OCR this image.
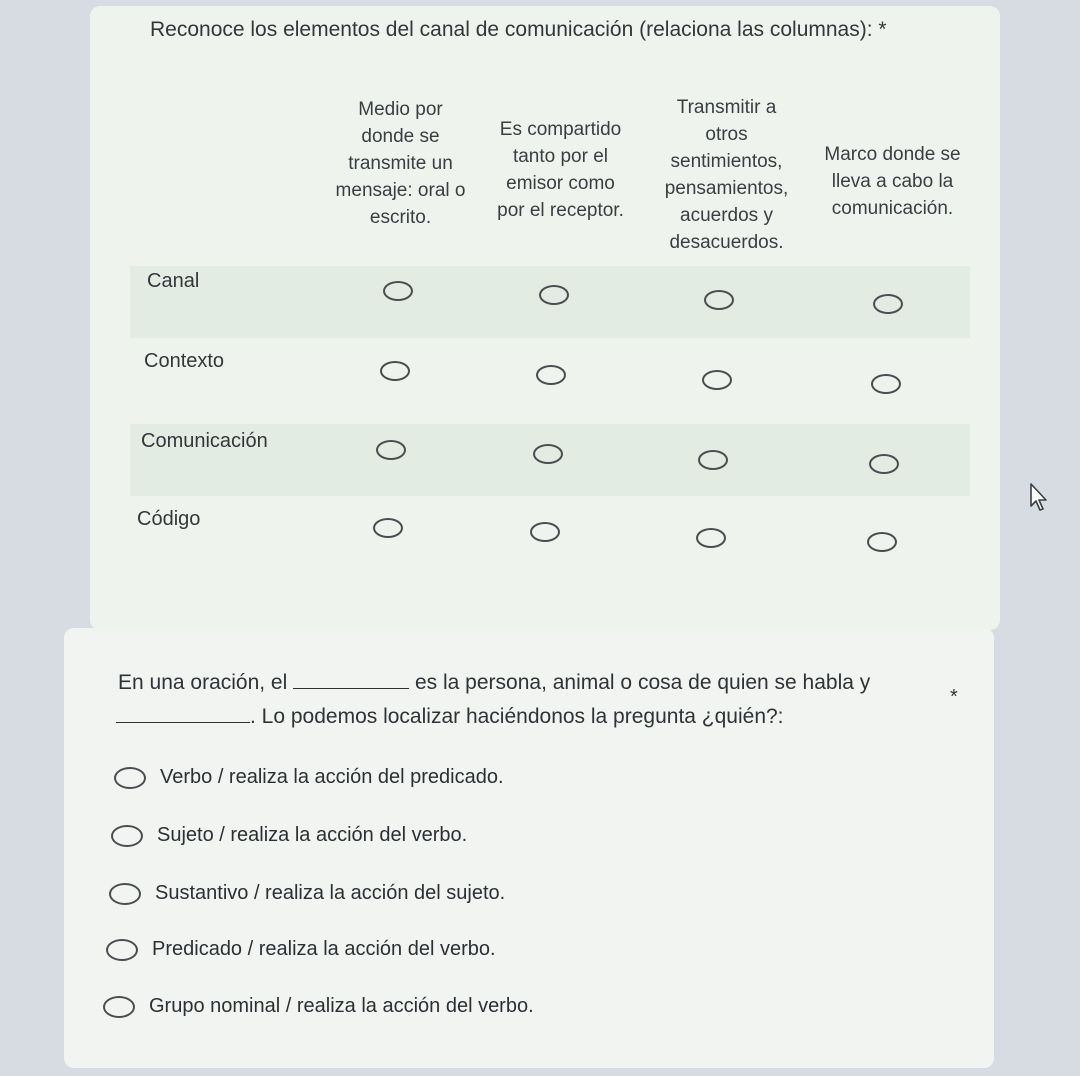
Reconoce los elementos del canal de comunicación (relaciona las columnas): *
Medio por
donde se
transmite un
mensaje: oral o
escrito.
Es compartido
tanto por el
emisor como
por el receptor.
Transmitir a
otros
sentimientos,
pensamientos,
acuerdos y
desacuerdos.
Marco donde se
lleva a cabo la
comunicación.
Canal
Contexto
Comunicación
Código
En una oración, el	es la persona, animal o cosa de quien se habla y
*
. Lo podemos localizar haciéndonos la pregunta ¿quién?:
Verbo / realiza la acción del predicado.
Sujeto / realiza la acción del verbo.
Sustantivo / realiza la acción del sujeto.
Predicado / realiza la acción del verbo.
Grupo nominal / realiza la acción del verbo.
